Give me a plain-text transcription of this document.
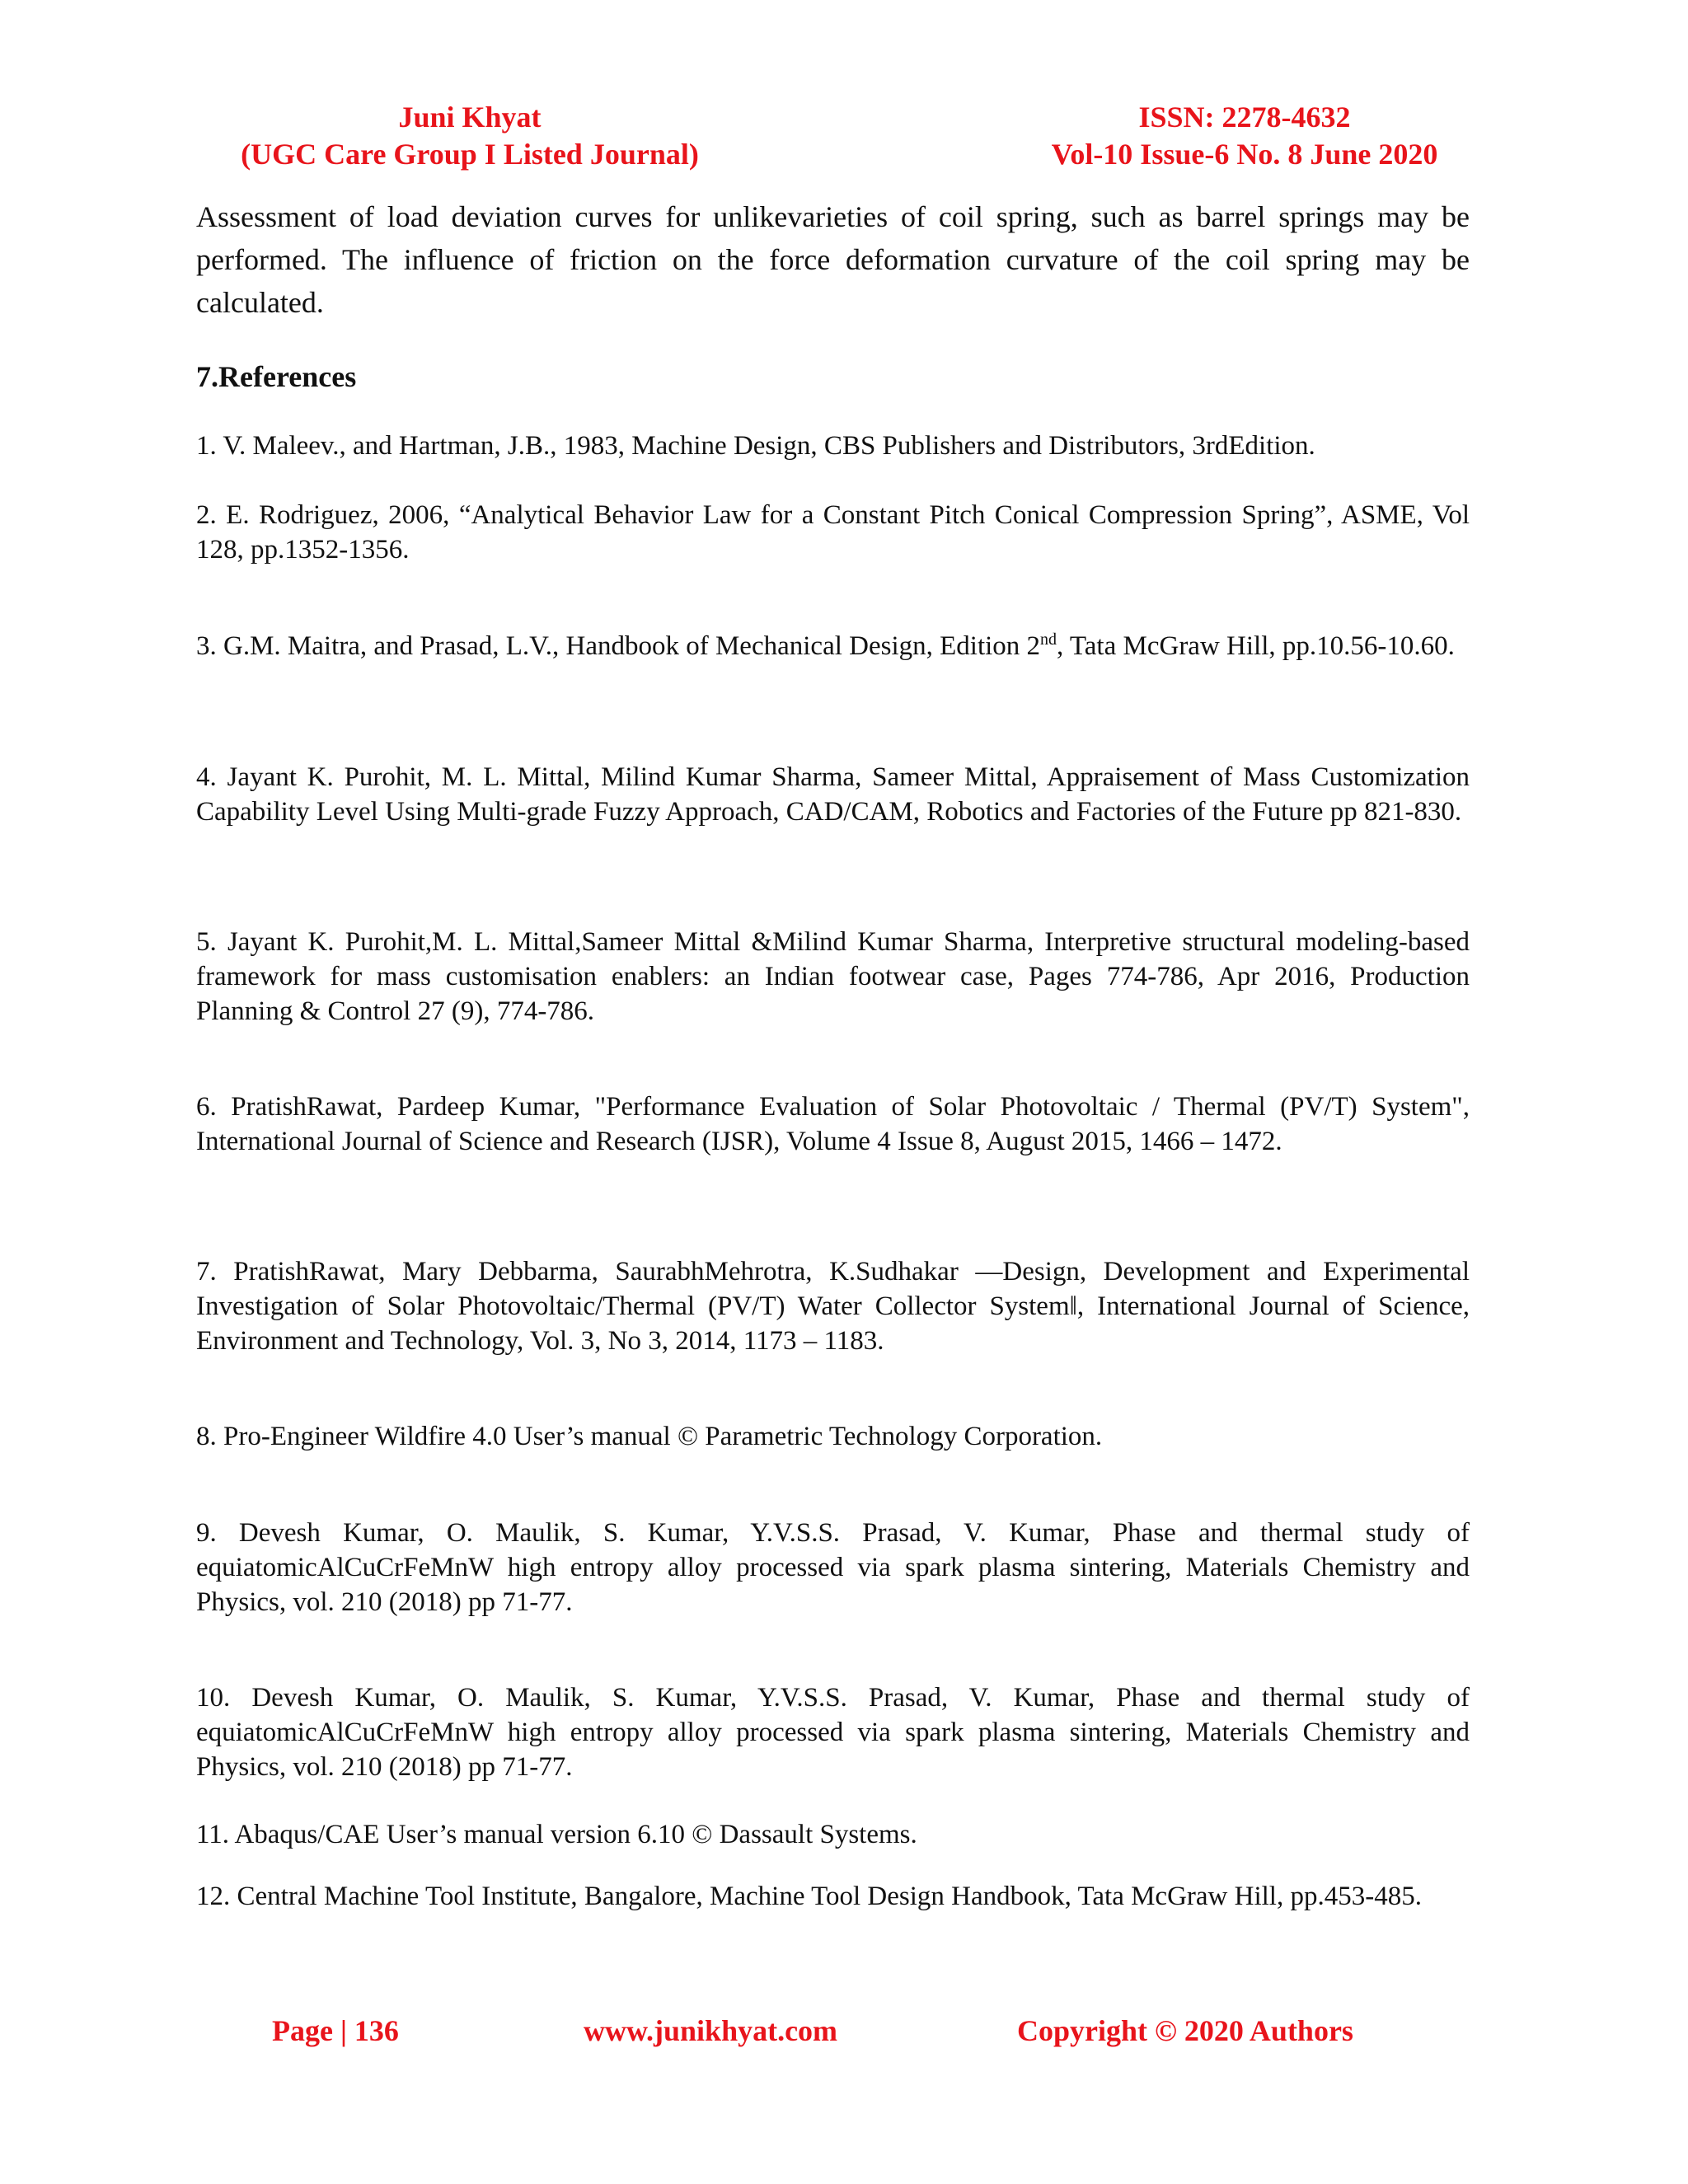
Juni Khyat
(UGC Care Group I Listed Journal)
ISSN: 2278-4632
Vol-10 Issue-6 No. 8 June 2020
Assessment of load deviation curves for unlikevarieties of coil spring, such as barrel springs may be performed. The influence of friction on the force deformation curvature of the coil spring may be calculated.
7.References
1. V. Maleev., and Hartman, J.B., 1983, Machine Design, CBS Publishers and Distributors, 3rdEdition.
2. E. Rodriguez, 2006, “Analytical Behavior Law for a Constant Pitch Conical Compression Spring”, ASME, Vol 128, pp.1352-1356.
3. G.M. Maitra, and Prasad, L.V., Handbook of Mechanical Design, Edition 2nd, Tata McGraw Hill, pp.10.56-10.60.
4. Jayant K. Purohit, M. L. Mittal, Milind Kumar Sharma, Sameer Mittal, Appraisement of Mass Customization Capability Level Using Multi-grade Fuzzy Approach, CAD/CAM, Robotics and Factories of the Future pp 821-830.
5. Jayant K. Purohit,M. L. Mittal,Sameer Mittal &Milind Kumar Sharma, Interpretive structural modeling-based framework for mass customisation enablers: an Indian footwear case, Pages 774-786, Apr 2016, Production Planning & Control 27 (9), 774-786.
6. PratishRawat, Pardeep Kumar, "Performance Evaluation of Solar Photovoltaic / Thermal (PV/T) System", International Journal of Science and Research (IJSR), Volume 4 Issue 8, August 2015, 1466 – 1472.
7. PratishRawat, Mary Debbarma, SaurabhMehrotra, K.Sudhakar ―Design, Development and Experimental Investigation of Solar Photovoltaic/Thermal (PV/T) Water Collector System‖, International Journal of Science, Environment and Technology, Vol. 3, No 3, 2014, 1173 – 1183.
8. Pro-Engineer Wildfire 4.0 User’s manual © Parametric Technology Corporation.
9. Devesh Kumar, O. Maulik, S. Kumar, Y.V.S.S. Prasad, V. Kumar, Phase and thermal study of equiatomicAlCuCrFeMnW high entropy alloy processed via spark plasma sintering, Materials Chemistry and Physics, vol. 210 (2018) pp 71-77.
10. Devesh Kumar, O. Maulik, S. Kumar, Y.V.S.S. Prasad, V. Kumar, Phase and thermal study of equiatomicAlCuCrFeMnW high entropy alloy processed via spark plasma sintering, Materials Chemistry and Physics, vol. 210 (2018) pp 71-77.
11. Abaqus/CAE User’s manual version 6.10 © Dassault Systems.
12. Central Machine Tool Institute, Bangalore, Machine Tool Design Handbook, Tata McGraw Hill, pp.453-485.
Page | 136	www.junikhyat.com	Copyright © 2020 Authors
